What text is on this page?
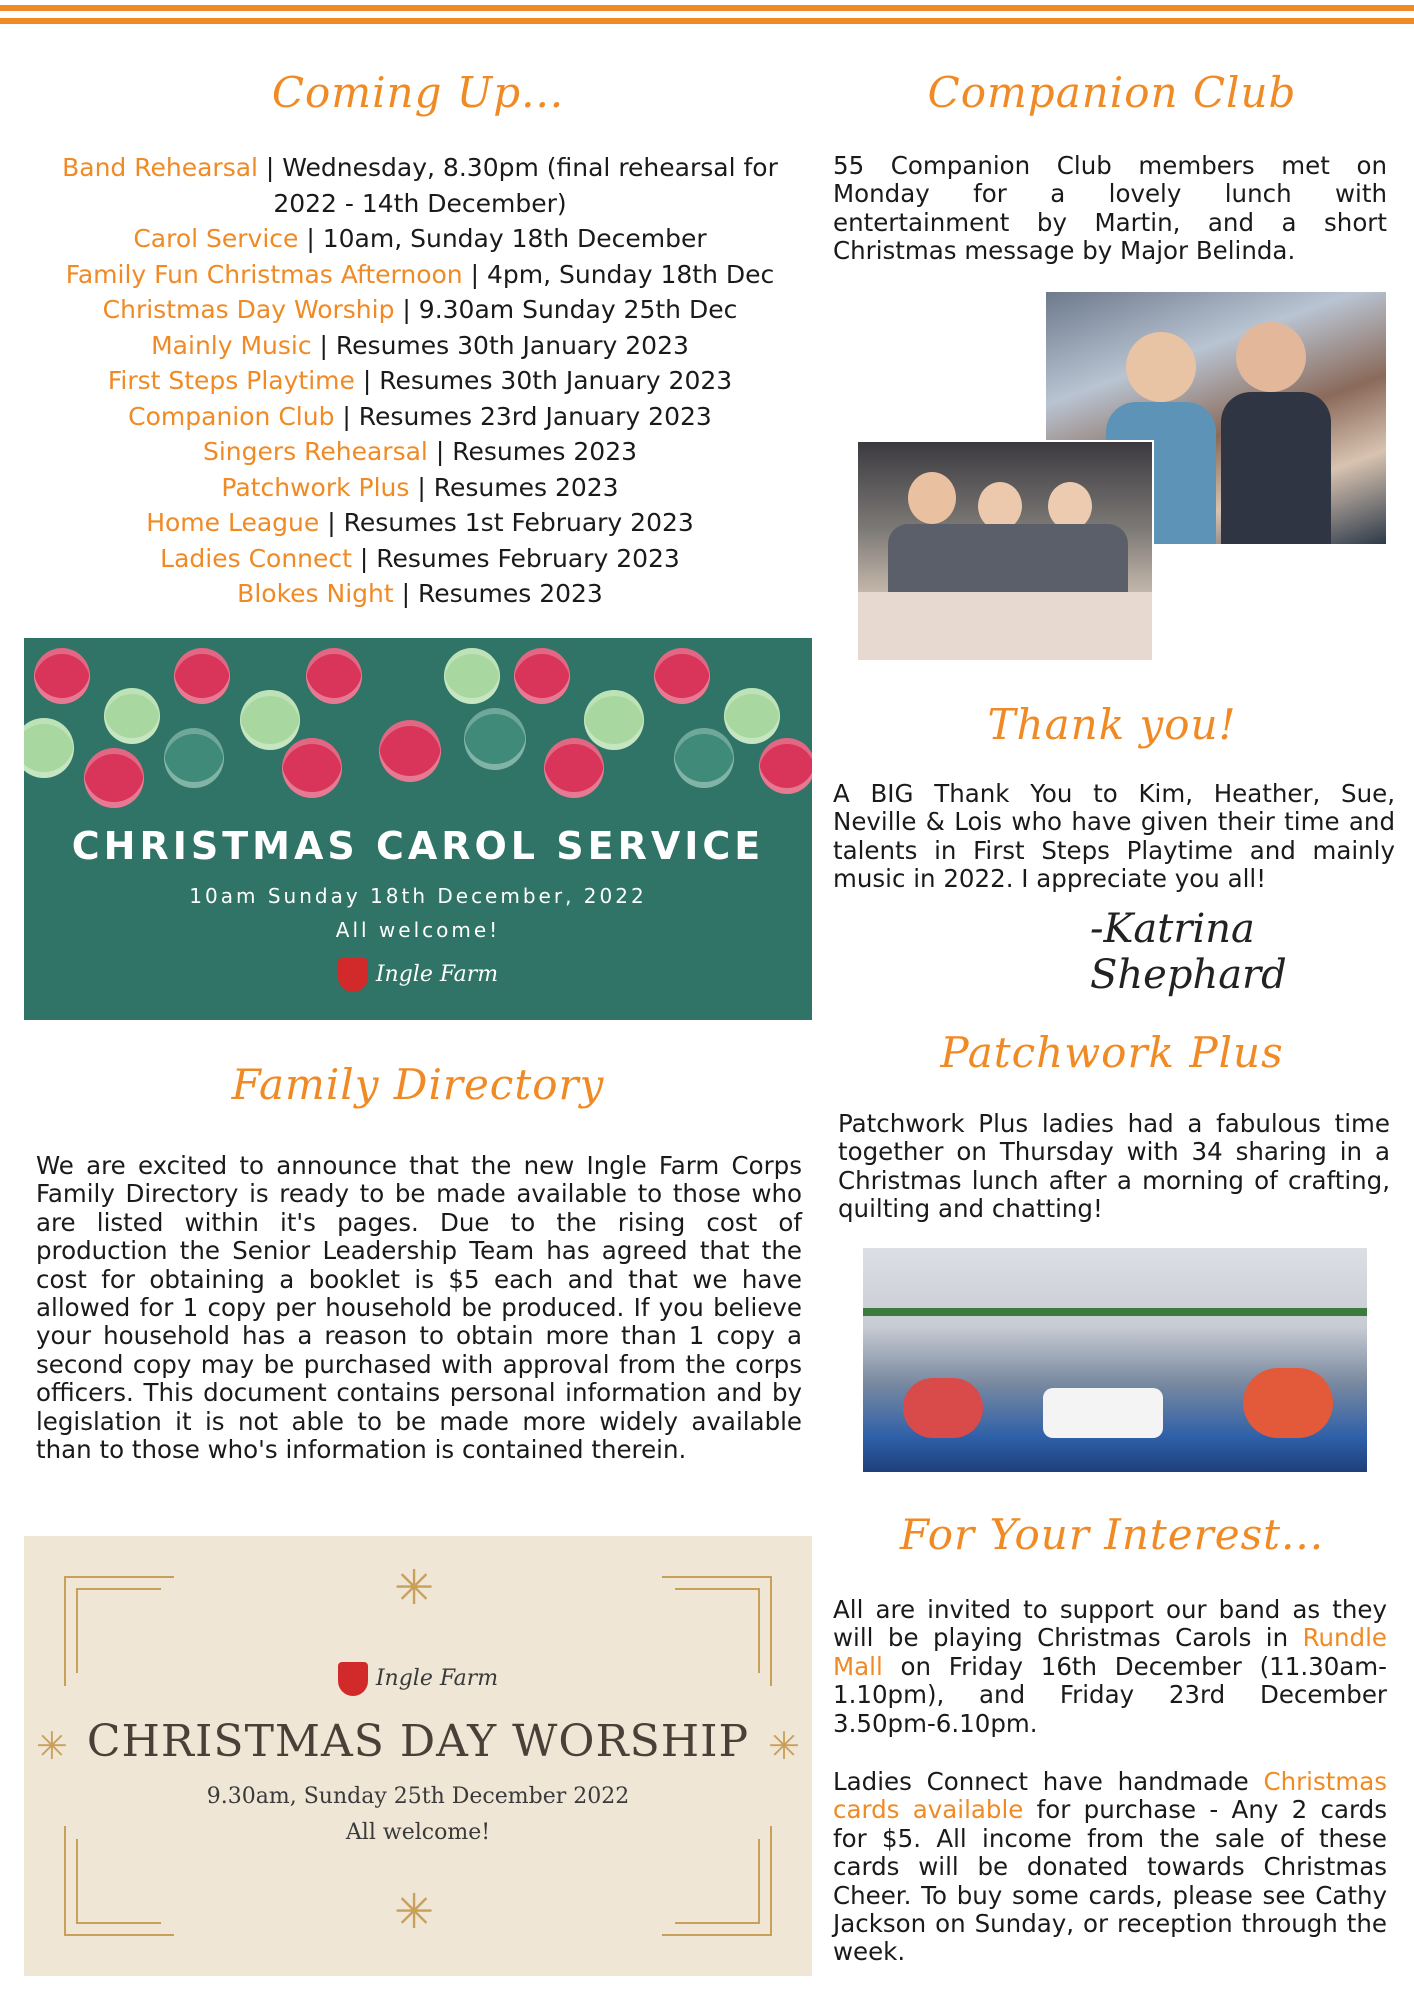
Coming Up...
Band Rehearsal | Wednesday, 8.30pm (final rehearsal for 2022 - 14th December)
Carol Service | 10am, Sunday 18th December
Family Fun Christmas Afternoon | 4pm, Sunday 18th Dec
Christmas Day Worship | 9.30am Sunday 25th Dec
Mainly Music | Resumes 30th January 2023
First Steps Playtime | Resumes 30th January 2023
Companion Club | Resumes 23rd January 2023
Singers Rehearsal | Resumes 2023
Patchwork Plus | Resumes 2023
Home League | Resumes 1st February 2023
Ladies Connect | Resumes February 2023
Blokes Night | Resumes 2023
Companion Club
55 Companion Club members met on Monday for a lovely lunch with entertainment by Martin, and a short Christmas message by Major Belinda.
CHRISTMAS CAROL SERVICE
10am Sunday 18th December, 2022
All welcome!
Ingle Farm
Thank you!
A BIG Thank You to Kim, Heather, Sue, Neville & Lois who have given their time and talents in First Steps Playtime and mainly music in 2022. I appreciate you all!
-Katrina Shephard
Family Directory
We are excited to announce that the new Ingle Farm Corps Family Directory is ready to be made available to those who are listed within it's pages. Due to the rising cost of production the Senior Leadership Team has agreed that the cost for obtaining a booklet is $5 each and that we have allowed for 1 copy per household be produced. If you believe your household has a reason to obtain more than 1 copy a second copy may be purchased with approval from the corps officers. This document contains personal information and by legislation it is not able to be made more widely available than to those who's information is contained therein.
Patchwork Plus
Patchwork Plus ladies had a fabulous time together on Thursday with 34 sharing in a Christmas lunch after a morning of crafting, quilting and chatting!
✳
✳
✳	✳
Ingle Farm
CHRISTMAS DAY WORSHIP
9.30am, Sunday 25th December 2022
All welcome!
For Your Interest...
All are invited to support our band as they will be playing Christmas Carols in Rundle Mall on Friday 16th December (11.30am-1.10pm), and Friday 23rd December 3.50pm-6.10pm.
Ladies Connect have handmade Christmas cards available for purchase - Any 2 cards for $5. All income from the sale of these cards will be donated towards Christmas Cheer. To buy some cards, please see Cathy Jackson on Sunday, or reception through the week.
